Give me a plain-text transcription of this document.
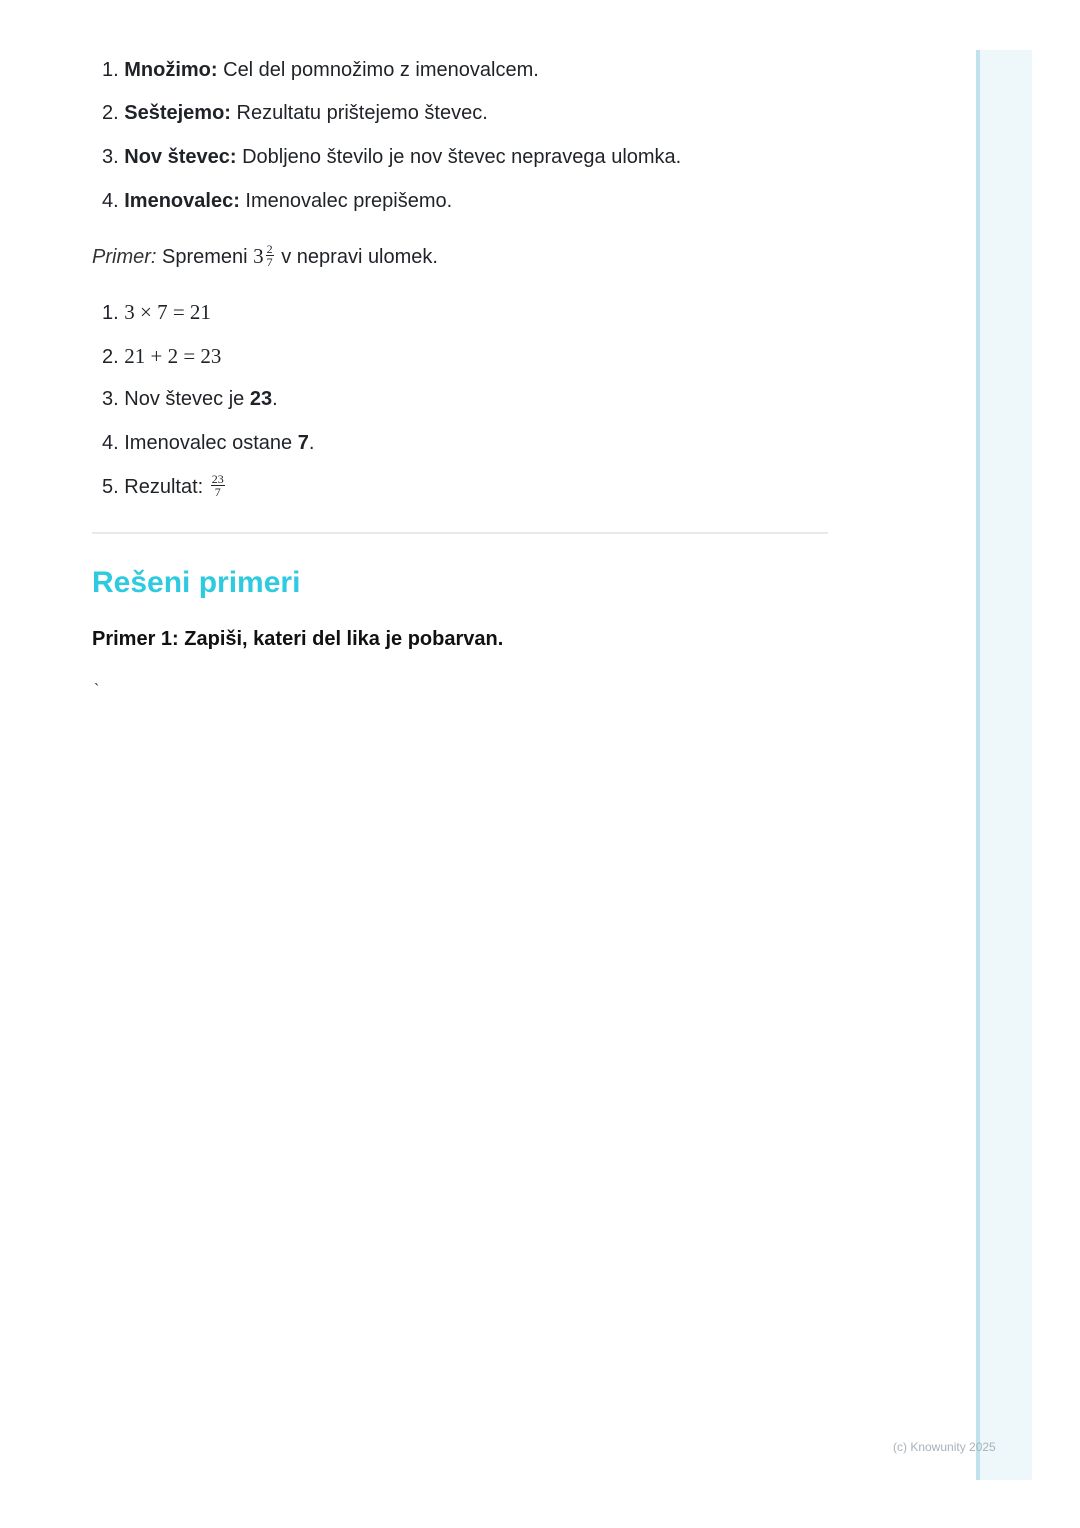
1. Množimo: Cel del pomnožimo z imenovalcem.
2. Seštejemo: Rezultatu prištejemo števec.
3. Nov števec: Dobljeno število je nov števec nepravega ulomka.
4. Imenovalec: Imenovalec prepišemo.
Primer: Spremeni $3 \frac{2}{7}$ v nepravi ulomek.
1. 3 × 7 = 21
2. 21 + 2 = 23
3. Nov števec je 23.
4. Imenovalec ostane 7.
5. Rezultat: $\frac{23}{7}$
Rešeni primeri
Primer 1: Zapiši, kateri del lika je pobarvan.
`
(c) Knowunity 2025
